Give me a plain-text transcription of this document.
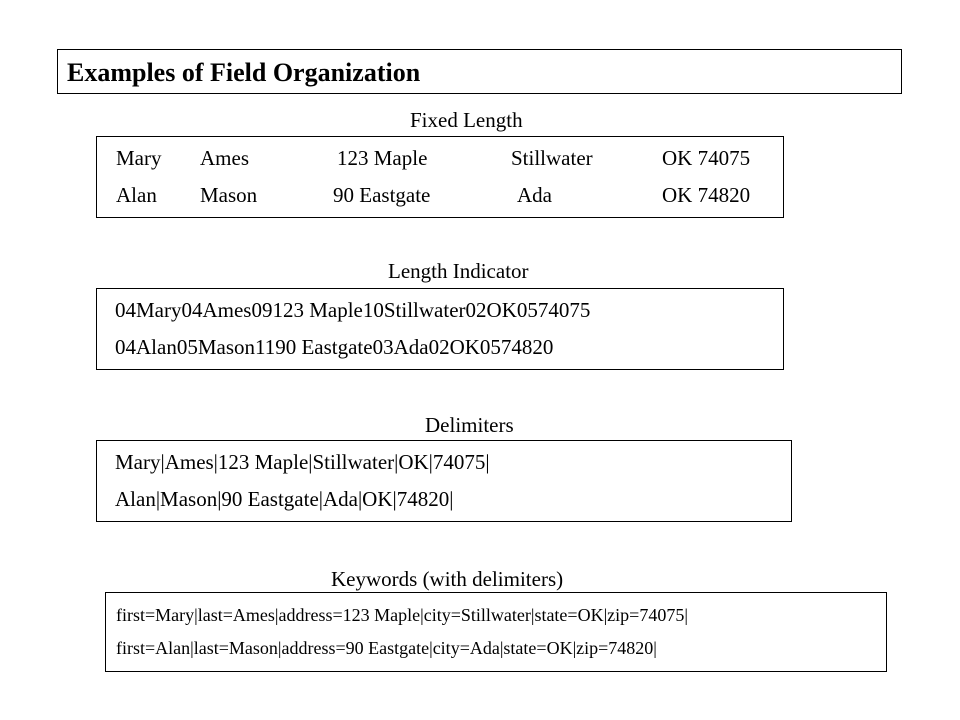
Examples of Field Organization
Fixed Length
Mary Ames	123 Maple	Stillwater	OK 74075
Alan Mason	90 Eastgate	Ada	OK 74820
Length Indicator
04Mary04Ames09123 Maple10Stillwater02OK0574075
04Alan05Mason1190 Eastgate03Ada02OK0574820
Delimiters
Mary|Ames|123 Maple|Stillwater|OK|74075|
Alan|Mason|90 Eastgate|Ada|OK|74820|
Keywords (with delimiters)
first=Mary|last=Ames|address=123 Maple|city=Stillwater|state=OK|zip=74075|
first=Alan|last=Mason|address=90 Eastgate|city=Ada|state=OK|zip=74820|
